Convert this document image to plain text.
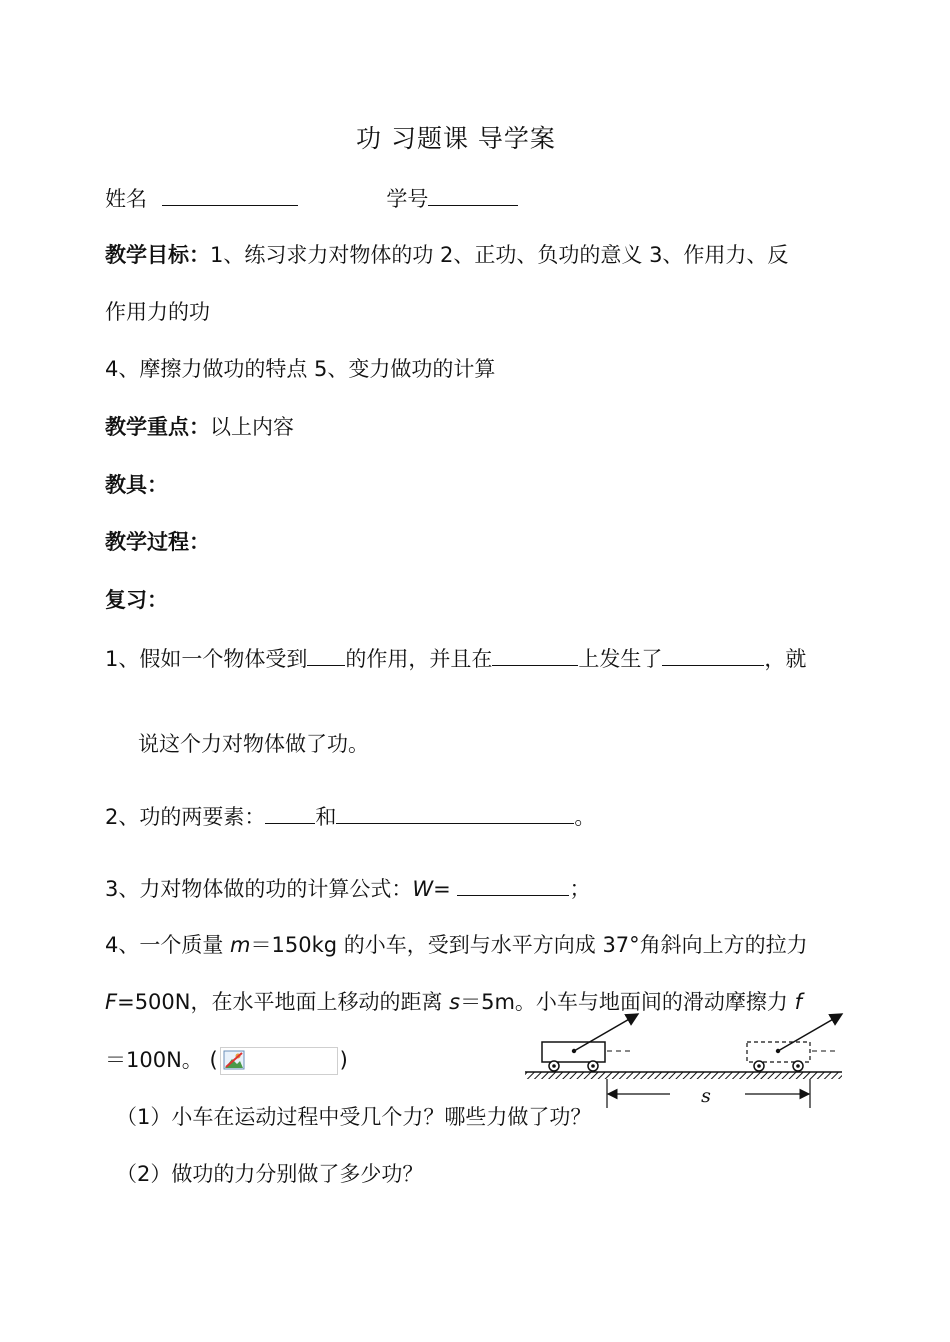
功 习题课 导学案
姓名	学号
教学目标：1、练习求力对物体的功 2、正功、负功的意义 3、作用力、反
作用力的功
4、摩擦力做功的特点 5、变力做功的计算
教学重点：以上内容
教具：
教学过程：
复习：
1、假如一个物体受到 的作用，并且在	上发生了	，就
说这个力对物体做了功。
2、功的两要素： 和	。
3、力对物体做的功的计算公式：W=	；
4、一个质量 m＝150kg 的小车，受到与水平方向成 37°角斜向上方的拉力
F=500N，在水平地面上移动的距离 s＝5m。小车与地面间的滑动摩擦力 f
＝100N。 (	)
s
（1）小车在运动过程中受几个力？哪些力做了功？
（2）做功的力分别做了多少功？
